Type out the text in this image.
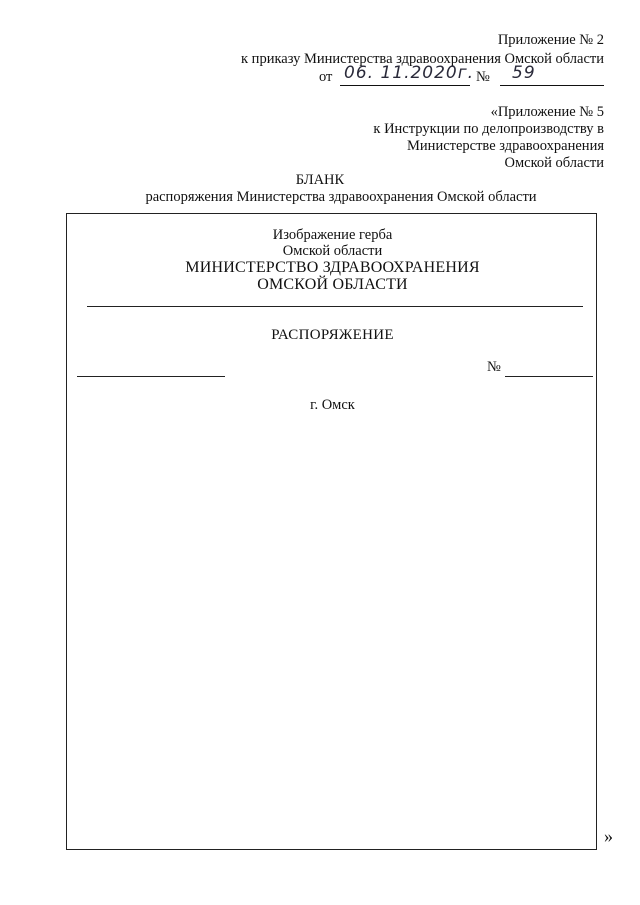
Приложение № 2
к приказу Министерства здравоохранения Омской области
от 06. 11.2020г. № 59
«Приложение № 5
к Инструкции по делопроизводству в
Министерстве здравоохранения
Омской области
БЛАНК
распоряжения Министерства здравоохранения Омской области
Изображение герба
Омской области
МИНИСТЕРСТВО ЗДРАВООХРАНЕНИЯ
ОМСКОЙ ОБЛАСТИ
РАСПОРЯЖЕНИЕ
№
г. Омск
»
